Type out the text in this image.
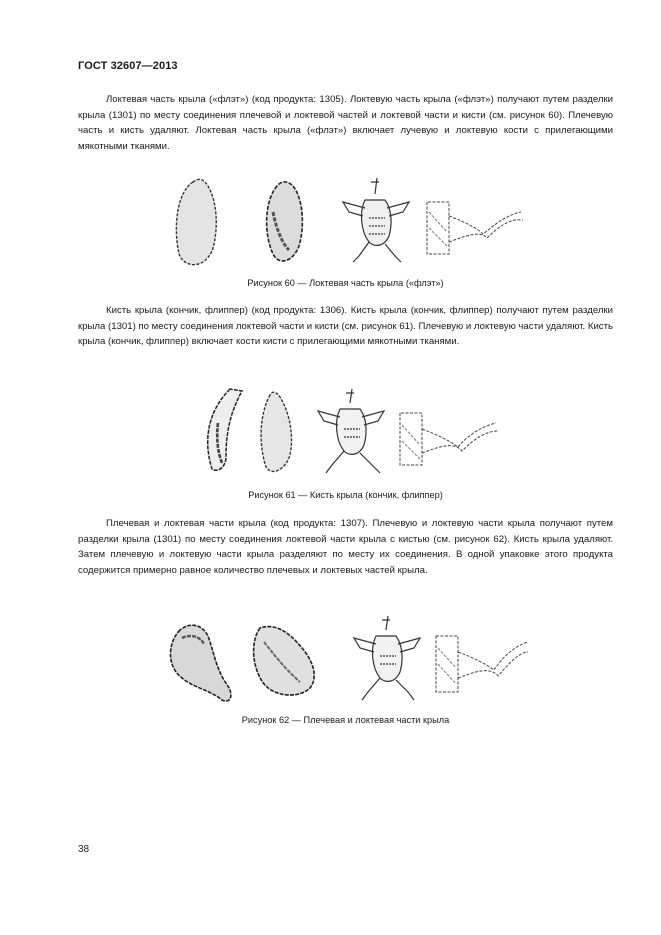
ГОСТ 32607—2013

Локтевая часть крыла («флэт») (код продукта: 1305). Локтевую часть крыла («флэт») получают путем разделки крыла (1301) по месту соединения плечевой и локтевой частей и локтевой части и кисти (см. рисунок 60). Плечевую часть и кисть удаляют. Локтевая часть крыла («флэт») включает лучевую и локтевую кости с прилегающими мякотными тканями.

Рисунок 60 — Локтевая часть крыла («флэт»)

Кисть крыла (кончик, флиппер) (код продукта: 1306). Кисть крыла (кончик, флиппер) получают путем разделки крыла (1301) по месту соединения локтевой части и кисти (см. рисунок 61). Плечевую и локтевую части удаляют. Кисть крыла (кончик, флиппер) включает кости кисти с прилегающими мякотными тканями.

Рисунок 61 — Кисть крыла (кончик, флиппер)

Плечевая и локтевая части крыла (код продукта: 1307). Плечевую и локтевую части крыла получают путем разделки крыла (1301) по месту соединения локтевой части крыла с кистью (см. рисунок 62). Кисть крыла удаляют. Затем плечевую и локтевую части крыла разделяют по месту их соединения. В одной упаковке этого продукта содержится примерно равное количество плечевых и локтевых частей крыла.

Рисунок 62 — Плечевая и локтевая части крыла
38
